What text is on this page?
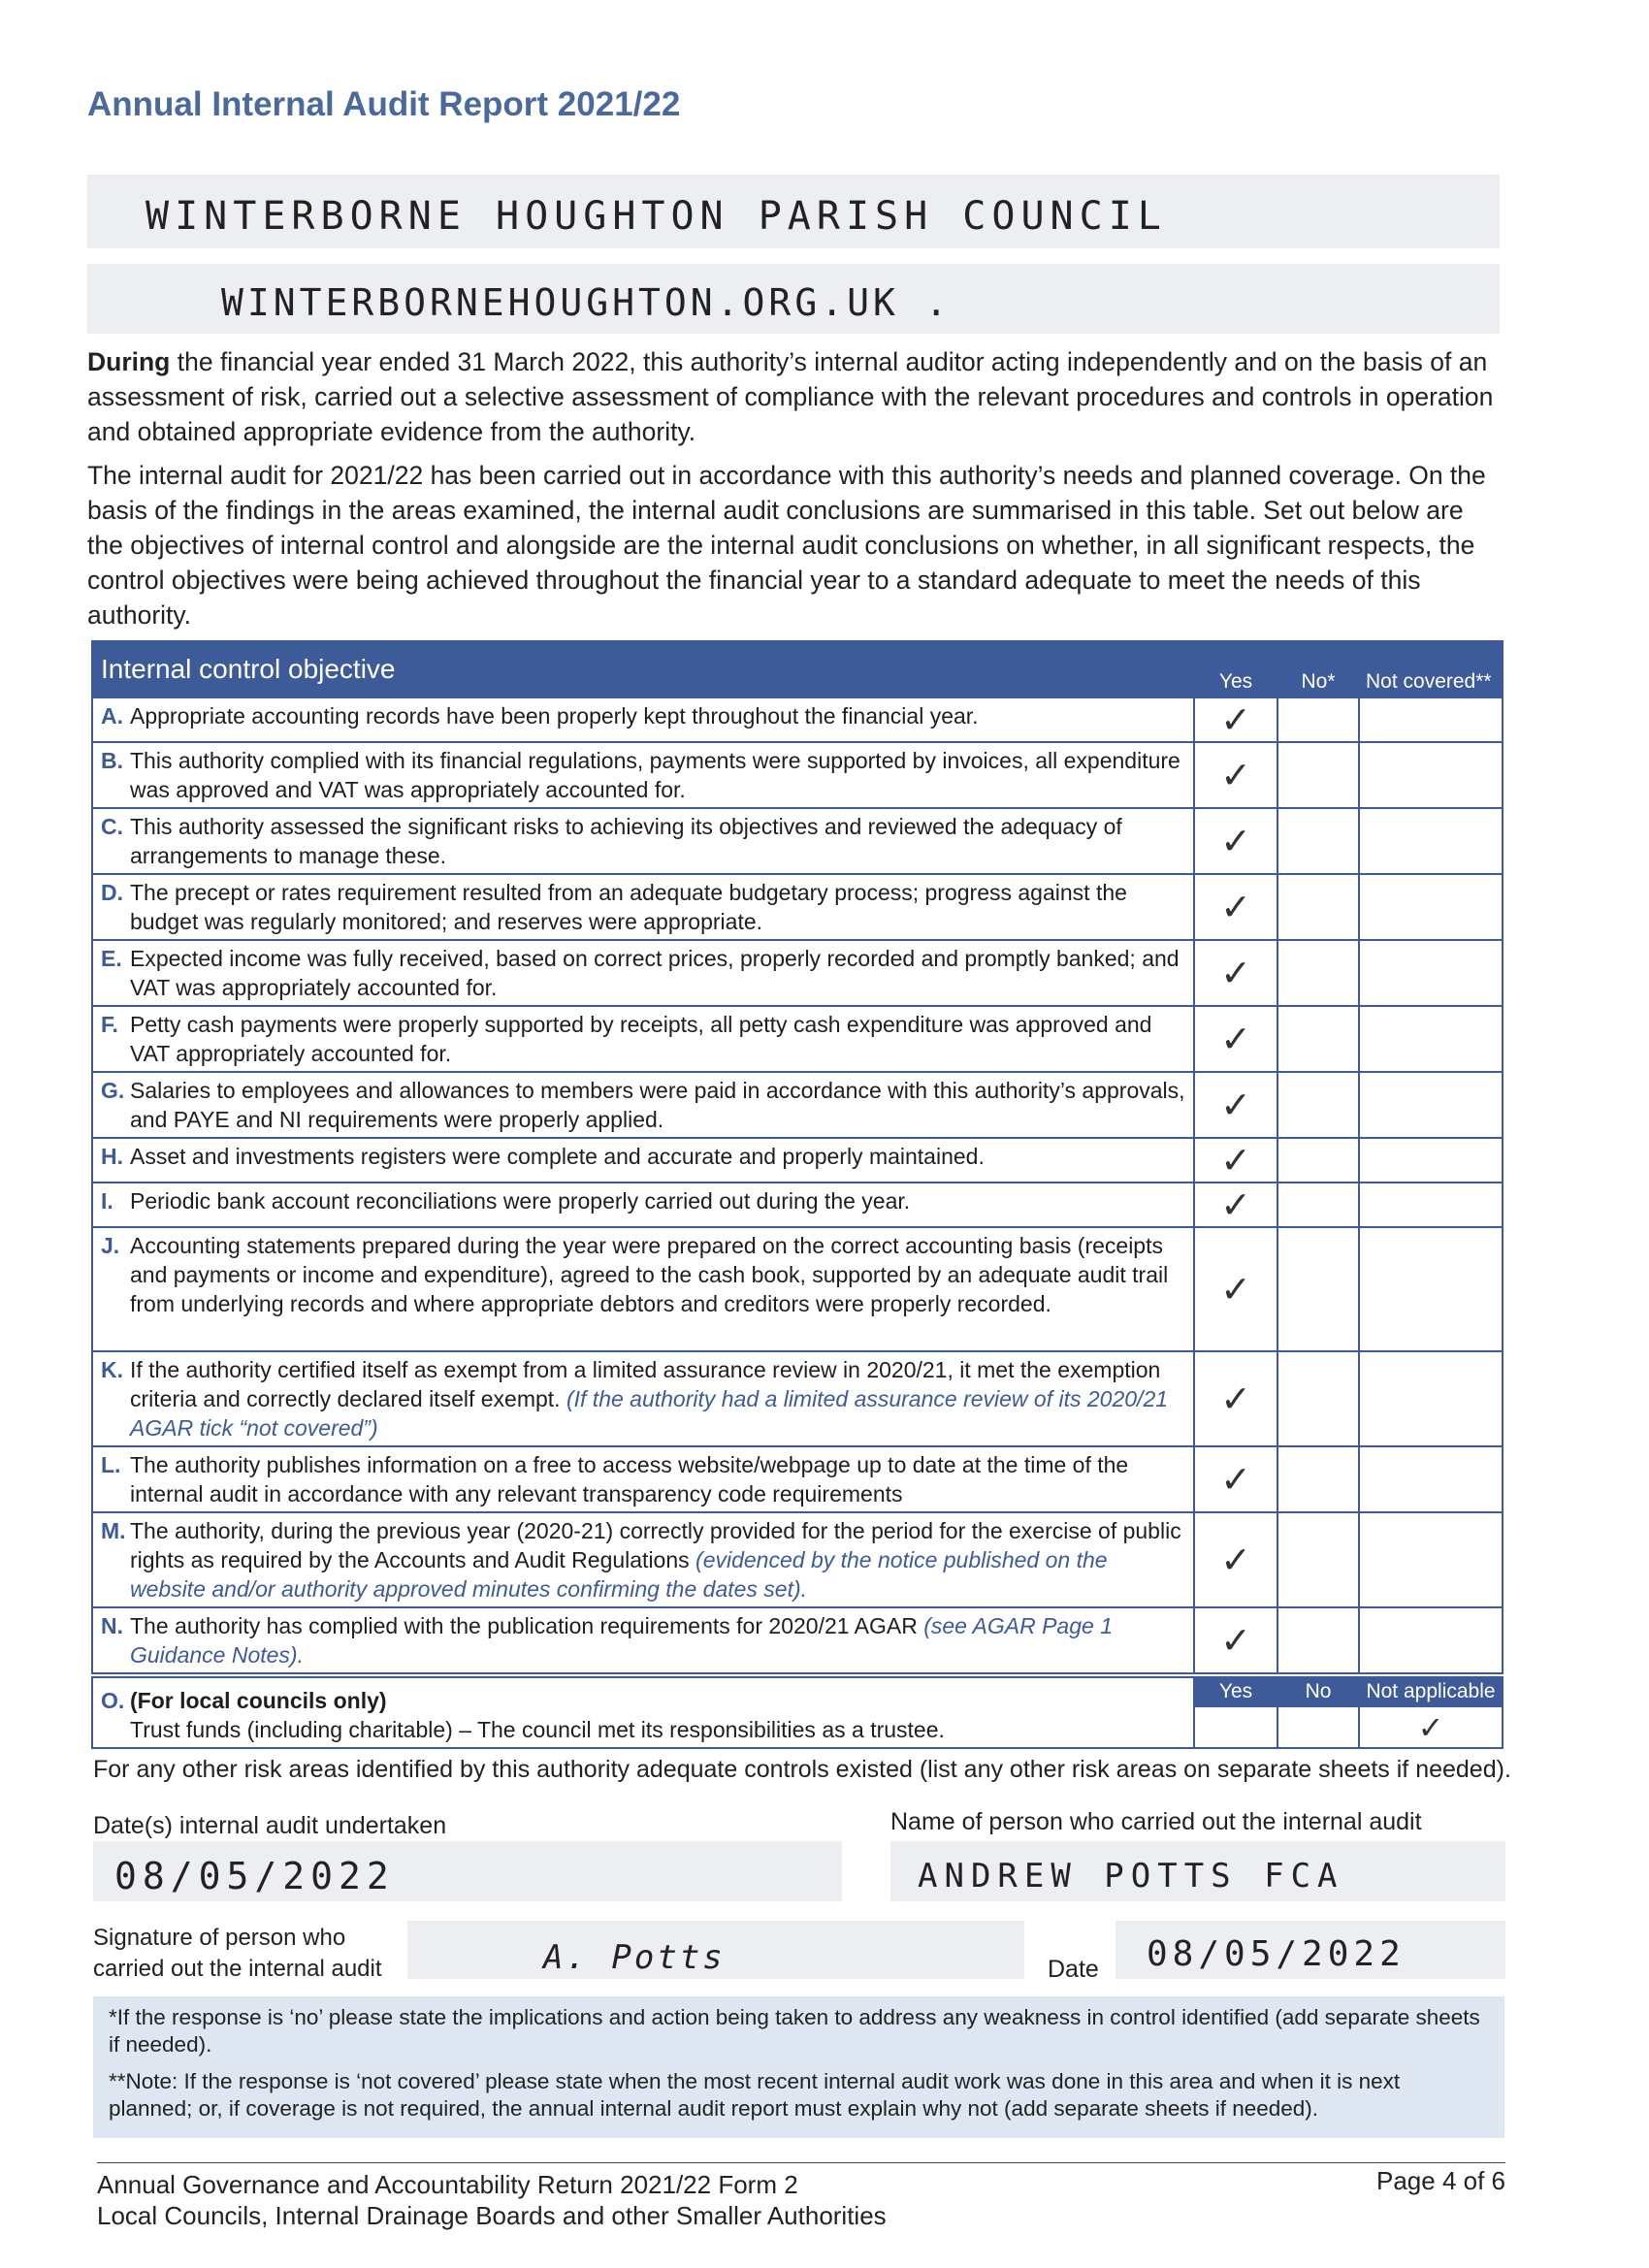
Annual Internal Audit Report 2021/22
WINTERBORNE HOUGHTON PARISH COUNCIL
WINTERBORNEHOUGHTON.ORG.UK .
During the financial year ended 31 March 2022, this authority’s internal auditor acting independently and on the basis of an assessment of risk, carried out a selective assessment of compliance with the relevant procedures and controls in operation and obtained appropriate evidence from the authority.
The internal audit for 2021/22 has been carried out in accordance with this authority’s needs and planned coverage. On the basis of the findings in the areas examined, the internal audit conclusions are summarised in this table. Set out below are the objectives of internal control and alongside are the internal audit conclusions on whether, in all significant respects, the control objectives were being achieved throughout the financial year to a standard adequate to meet the needs of this authority.
Internal control objective	Yes	No*	Not covered**

A. Appropriate accounting records have been properly kept throughout the financial year.	✓		

B. This authority complied with its financial regulations, payments were supported by invoices, all expenditure was approved and VAT was appropriately accounted for.	✓		

C. This authority assessed the significant risks to achieving its objectives and reviewed the adequacy of arrangements to manage these.	✓		

D. The precept or rates requirement resulted from an adequate budgetary process; progress against the budget was regularly monitored; and reserves were appropriate.	✓		

E. Expected income was fully received, based on correct prices, properly recorded and promptly banked; and VAT was appropriately accounted for.	✓		

F. Petty cash payments were properly supported by receipts, all petty cash expenditure was approved and VAT appropriately accounted for.	✓		

G. Salaries to employees and allowances to members were paid in accordance with this authority’s approvals, and PAYE and NI requirements were properly applied.	✓		

H. Asset and investments registers were complete and accurate and properly maintained.	✓		

I. Periodic bank account reconciliations were properly carried out during the year.	✓		

J. Accounting statements prepared during the year were prepared on the correct accounting basis (receipts and payments or income and expenditure), agreed to the cash book, supported by an adequate audit trail from underlying records and where appropriate debtors and creditors were properly recorded.	✓		

K. If the authority certified itself as exempt from a limited assurance review in 2020/21, it met the exemption criteria and correctly declared itself exempt. (If the authority had a limited assurance review of its 2020/21 AGAR tick “not covered”)	✓		

L. The authority publishes information on a free to access website/webpage up to date at the time of the internal audit in accordance with any relevant transparency code requirements	✓		

M. The authority, during the previous year (2020-21) correctly provided for the period for the exercise of public rights as required by the Accounts and Audit Regulations (evidenced by the notice published on the website and/or authority approved minutes confirming the dates set).	✓		

N. The authority has complied with the publication requirements for 2020/21 AGAR (see AGAR Page 1 Guidance Notes).	✓		
O. (For local councils only)
Trust funds (including charitable) – The council met its responsibilities as a trustee.	Yes	No	Not applicable
			✓
For any other risk areas identified by this authority adequate controls existed (list any other risk areas on separate sheets if needed).
Date(s) internal audit undertaken
08/05/2022
Name of person who carried out the internal audit
ANDREW POTTS FCA
Signature of person who
carried out the internal audit	A. Potts	Date 08/05/2022

*If the response is ‘no’ please state the implications and action being taken to address any weakness in control identified (add separate sheets if needed).

**Note: If the response is ‘not covered’ please state when the most recent internal audit work was done in this area and when it is next planned; or, if coverage is not required, the annual internal audit report must explain why not (add separate sheets if needed).

Annual Governance and Accountability Return 2021/22 Form 2
Local Councils, Internal Drainage Boards and other Smaller Authorities
Page 4 of 6
